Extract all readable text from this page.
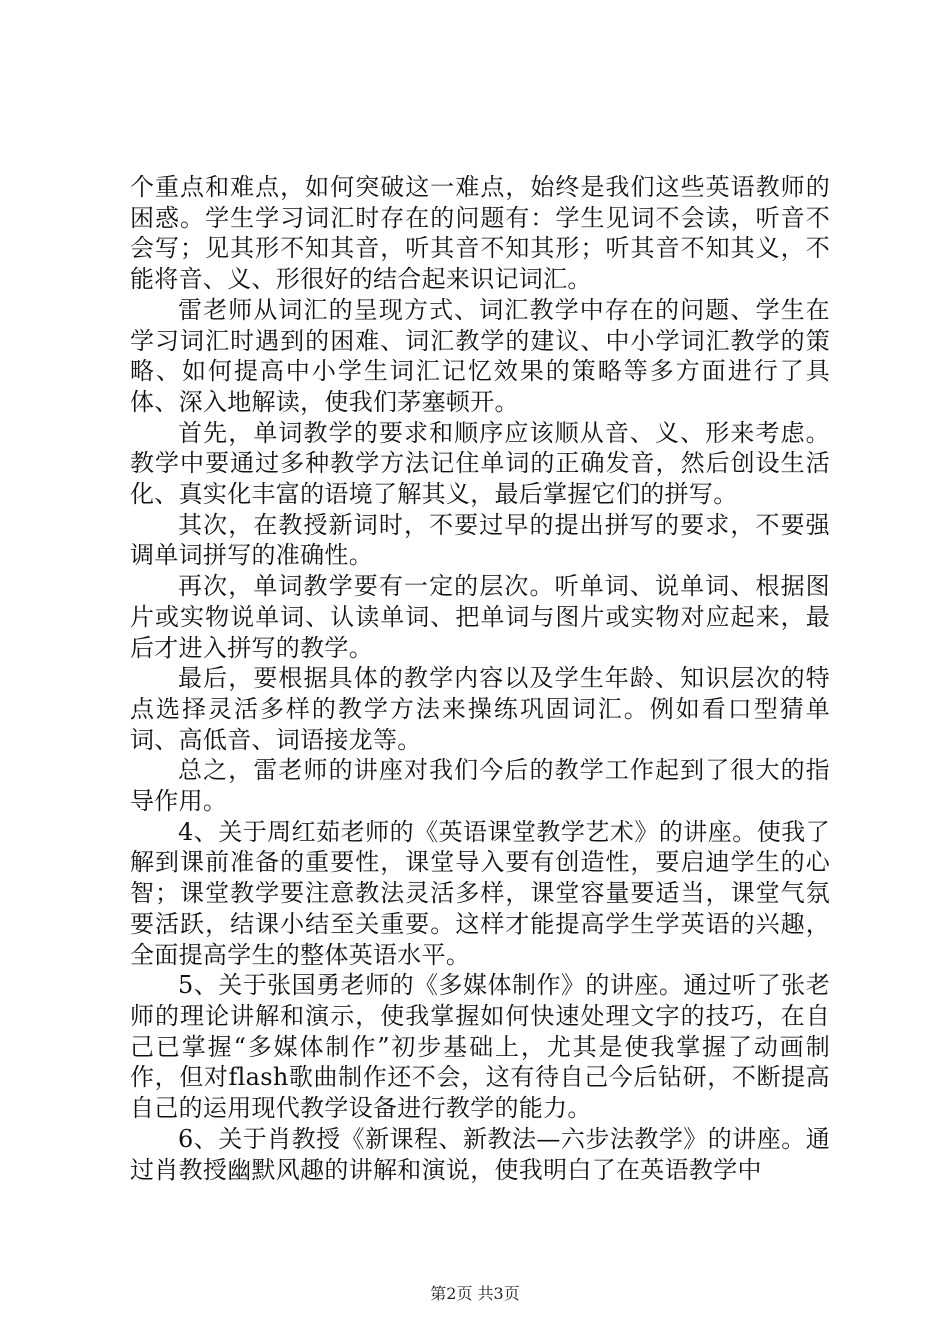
个重点和难点，如何突破这一难点，始终是我们这些英语教师的困惑。学生学习词汇时存在的问题有：学生见词不会读，听音不会写；见其形不知其音，听其音不知其形；听其音不知其义，不能将音、义、形很好的结合起来识记词汇。

雷老师从词汇的呈现方式、词汇教学中存在的问题、学生在学习词汇时遇到的困难、词汇教学的建议、中小学词汇教学的策略、如何提高中小学生词汇记忆效果的策略等多方面进行了具体、深入地解读，使我们茅塞顿开。

首先，单词教学的要求和顺序应该顺从音、义、形来考虑。教学中要通过多种教学方法记住单词的正确发音，然后创设生活化、真实化丰富的语境了解其义，最后掌握它们的拼写。

其次，在教授新词时，不要过早的提出拼写的要求，不要强调单词拼写的准确性。

再次，单词教学要有一定的层次。听单词、说单词、根据图片或实物说单词、认读单词、把单词与图片或实物对应起来，最后才进入拼写的教学。

最后，要根据具体的教学内容以及学生年龄、知识层次的特点选择灵活多样的教学方法来操练巩固词汇。例如看口型猜单词、高低音、词语接龙等。

总之，雷老师的讲座对我们今后的教学工作起到了很大的指导作用。

4、关于周红茹老师的《英语课堂教学艺术》的讲座。使我了解到课前准备的重要性，课堂导入要有创造性，要启迪学生的心智；课堂教学要注意教法灵活多样，课堂容量要适当，课堂气氛要活跃，结课小结至关重要。这样才能提高学生学英语的兴趣，全面提高学生的整体英语水平。

5、关于张国勇老师的《多媒体制作》的讲座。通过听了张老师的理论讲解和演示，使我掌握如何快速处理文字的技巧，在自己已掌握“多媒体制作”初步基础上，尤其是使我掌握了动画制作，但对flash歌曲制作还不会，这有待自己今后钻研，不断提高自己的运用现代教学设备进行教学的能力。

6、关于肖教授《新课程、新教法—六步法教学》的讲座。通过肖教授幽默风趣的讲解和演说，使我明白了在英语教学中

第2页 共3页
